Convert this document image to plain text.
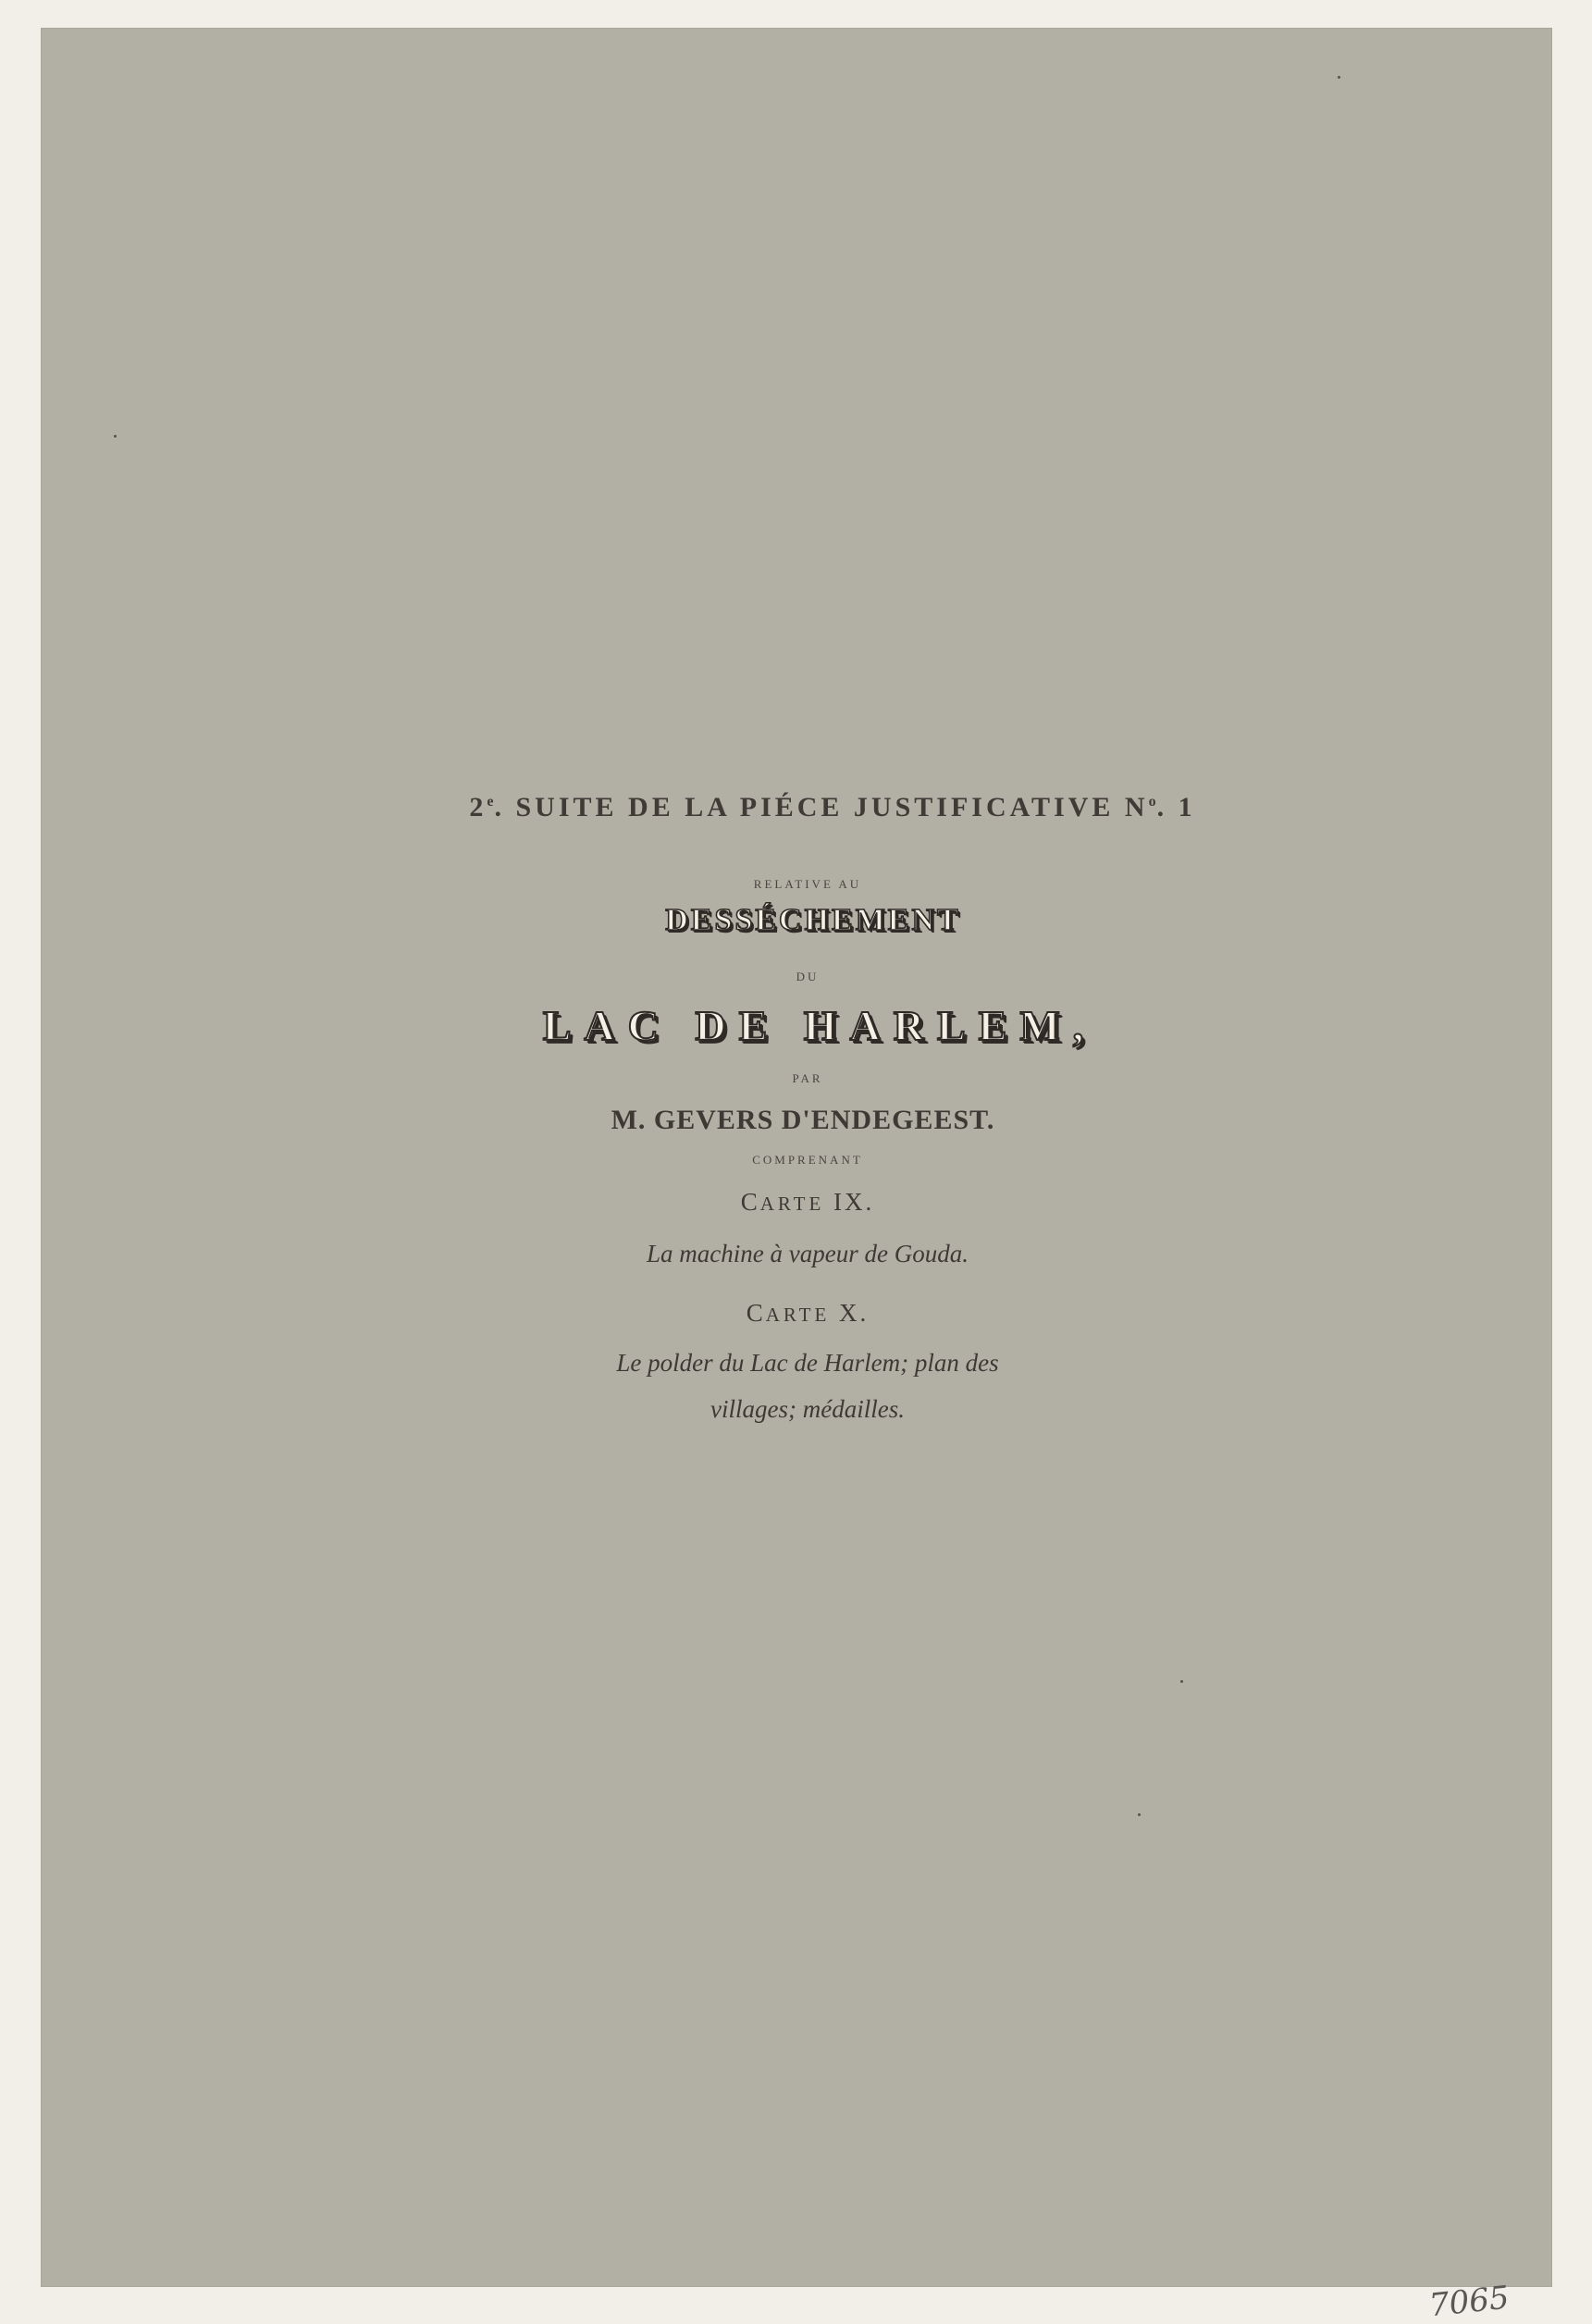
2e. SUITE DE LA PIÉCE JUSTIFICATIVE $N^o$. 1
RELATIVE AU
DESSÉCHEMENT
DU
LAC DE HARLEM,
PAR
M. GEVERS D'ENDEGEEST.
COMPRENANT
CARTE IX.
La machine à vapeur de Gouda.
CARTE X.
Le polder du Lac de Harlem; plan des
villages; médailles.
7065
